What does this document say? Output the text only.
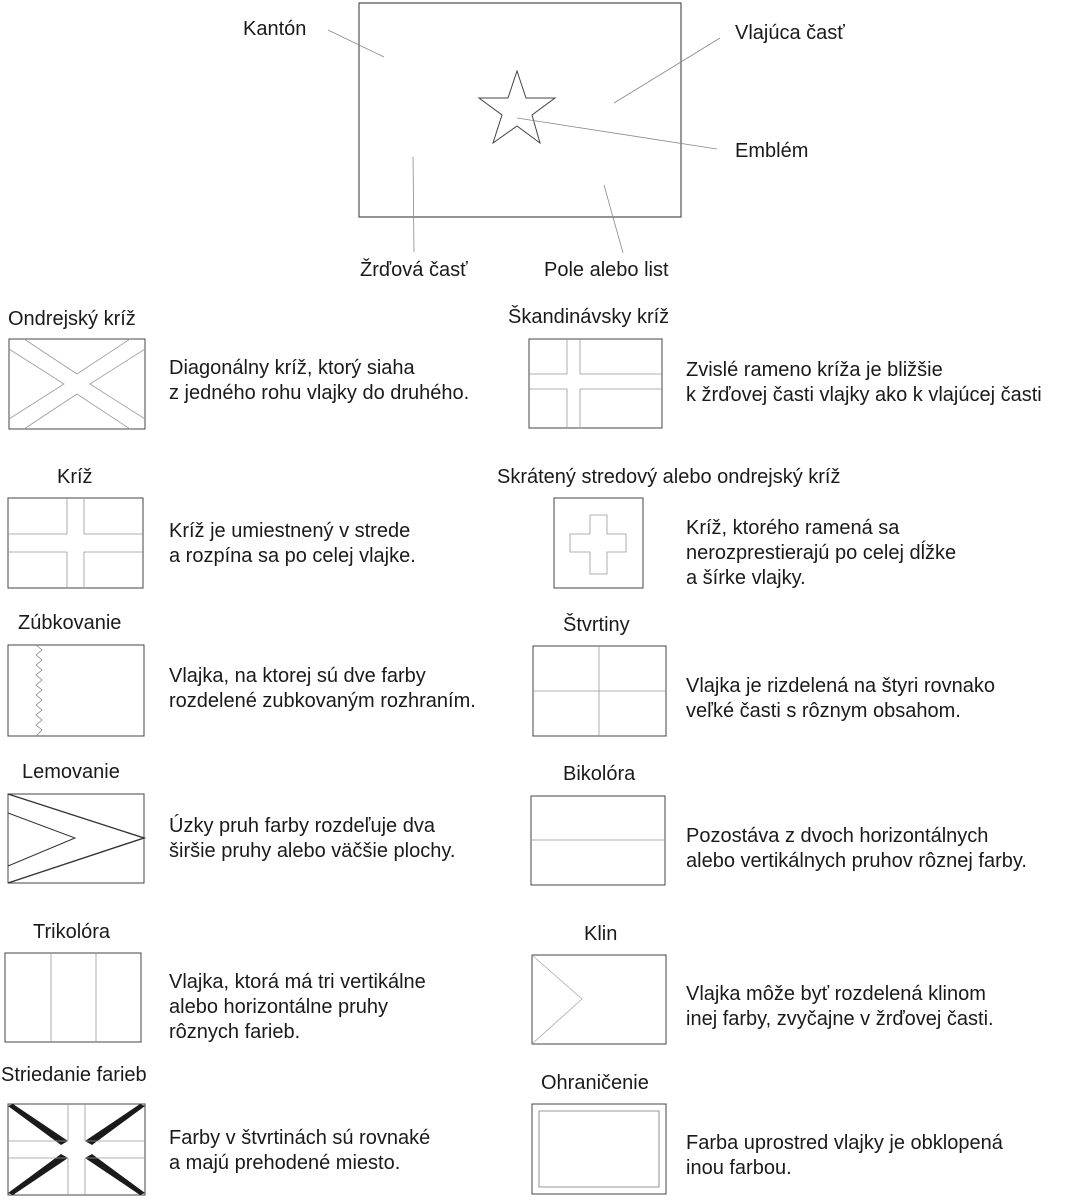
Kantón	Vlajúca časť
Emblém
Žrďová časť	Pole alebo list
Ondrejský kríž	Škandinávsky kríž
Kríž	Skrátený stredový alebo ondrejský kríž
Zúbkovanie	Štvrtiny
Lemovanie	Bikolóra
Trikolóra	Klin
Striedanie farieb	Ohraničenie
Diagonálny kríž, ktorý siaha
z jedného rohu vlajky do druhého.
Zvislé rameno kríža je bližšie
k žrďovej časti vlajky ako k vlajúcej časti
Kríž je umiestnený v strede
a rozpína sa po celej vlajke.
Kríž, ktorého ramená sa
nerozprestierajú po celej dĺžke
a šírke vlajky.
Vlajka, na ktorej sú dve farby
rozdelené zubkovaným rozhraním.
Vlajka je rizdelená na štyri rovnako
veľké časti s rôznym obsahom.
Úzky pruh farby rozdeľuje dva
širšie pruhy alebo väčšie plochy.
Pozostáva z dvoch horizontálnych
alebo vertikálnych pruhov rôznej farby.
Vlajka, ktorá má tri vertikálne
alebo horizontálne pruhy
rôznych farieb.
Vlajka môže byť rozdelená klinom
inej farby, zvyčajne v žrďovej časti.
Farby v štvrtinách sú rovnaké
a majú prehodené miesto.
Farba uprostred vlajky je obklopená
inou farbou.
